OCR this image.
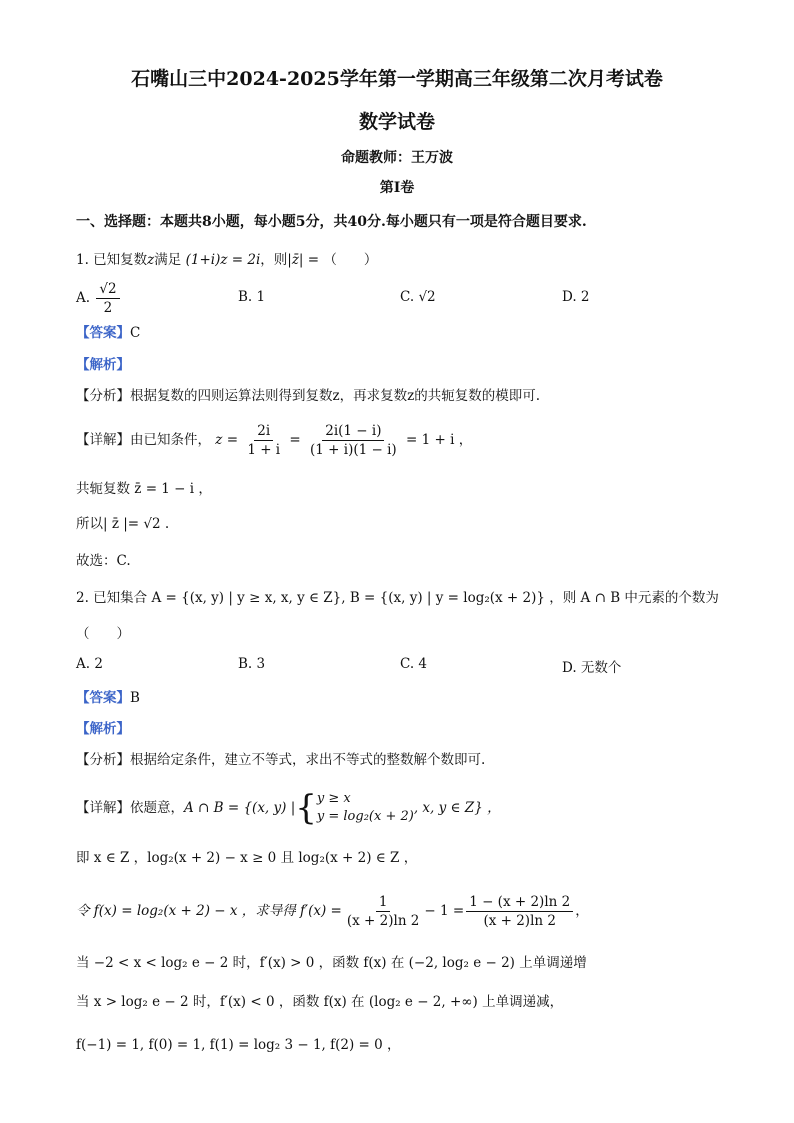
石嘴山三中2024-2025学年第一学期高三年级第二次月考试卷
数学试卷
命题教师：王万波
第Ⅰ卷
一、选择题：本题共8小题，每小题5分，共40分.每小题只有一项是符合题目要求.
1. 已知复数z满足 (1+i)z = 2i，则|z̄| = （　　）
A. $\frac{√2}{2}$	B. 1	C. √2	D. 2
【答案】C
【解析】
【分析】根据复数的四则运算法则得到复数z，再求复数z的共轭复数的模即可.
【详解】由已知条件， $z = \frac{2i}{1 + i} = \frac{2i(1 - i)}{(1 + i)(1 - i)} = 1 + i$ ，
共轭复数 z̄ = 1 − i ，
所以| z̄ |= √2 .
故选：C.
2. 已知集合 A = {(x, y) | y ≥ x, x, y ∈ Z}, B = {(x, y) | y = log₂(x + 2)} ，则 A ∩ B 中元素的个数为
（　　）
A. 2	B. 3	C. 4	D. 无数个
【答案】B
【解析】
【分析】根据给定条件，建立不等式，求出不等式的整数解个数即可.
【详解】 依题意， A ∩ B = {(x, y) | { y ≥ x
y = log₂(x + 2)
, x, y ∈ Z} ，
即 x ∈ Z ，log₂(x + 2) − x ≥ 0 且 log₂(x + 2) ∈ Z ，
令 f(x) = log₂(x + 2) − x ，求导得 $f'(x) = \frac{1}{(x + 2)\ln 2} - 1 = \frac{1 - (x + 2)\ln 2}{(x + 2)\ln 2}$ ，
当 −2 < x < log₂ e − 2 时，f′(x) > 0 ，函数 f(x) 在 (−2, log₂ e − 2) 上单调递增
当 x > log₂ e − 2 时，f′(x) < 0 ，函数 f(x) 在 (log₂ e − 2, +∞) 上单调递减，
f(−1) = 1, f(0) = 1, f(1) = log₂ 3 − 1, f(2) = 0 ，
